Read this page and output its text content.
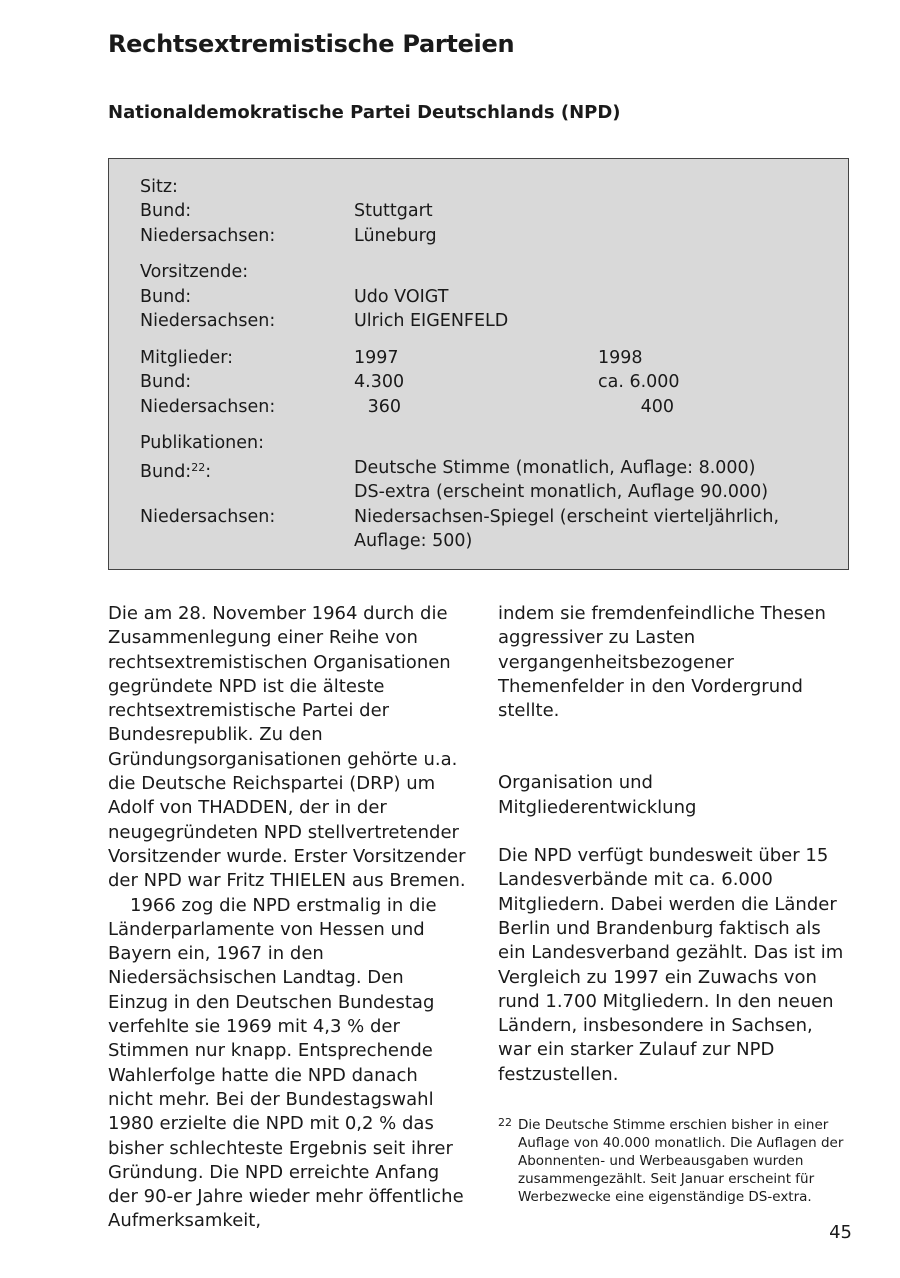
Rechtsextremistische Parteien
Nationaldemokratische Partei Deutschlands (NPD)
Sitz:
Bund:	Stuttgart
Niedersachsen:	Lüneburg
Vorsitzende:
Bund:	Udo VOIGT
Niedersachsen:	Ulrich EIGENFELD
Mitglieder:	1997	1998
Bund:	4.300	ca. 6.000
Niedersachsen:	360	400
Publikationen:
Bund:$^{22}$:	Deutsche Stimme (monatlich, Auflage: 8.000)
DS-extra (erscheint monatlich, Auflage 90.000)
Niedersachsen:	Niedersachsen-Spiegel (erscheint vierteljährlich,
Auflage: 500)

Die am 28. November 1964 durch die Zusammenlegung einer Reihe von rechtsextremistischen Organisationen gegründete NPD ist die älteste rechtsextremistische Partei der Bundesrepublik. Zu den Gründungsorganisationen gehörte u.a. die Deutsche Reichspartei (DRP) um Adolf von THADDEN, der in der neugegründeten NPD stellvertretender Vorsitzender wurde. Erster Vorsitzender der NPD war Fritz THIELEN aus Bremen.

1966 zog die NPD erstmalig in die Länderparlamente von Hessen und Bayern ein, 1967 in den Niedersächsischen Landtag. Den Einzug in den Deutschen Bundestag verfehlte sie 1969 mit 4,3 % der Stimmen nur knapp. Entsprechende Wahlerfolge hatte die NPD danach nicht mehr. Bei der Bundestagswahl 1980 erzielte die NPD mit 0,2 % das bisher schlechteste Ergebnis seit ihrer Gründung. Die NPD erreichte Anfang der 90-er Jahre wieder mehr öffentliche Aufmerksamkeit,

indem sie fremdenfeindliche Thesen aggressiver zu Lasten vergangenheitsbezogener Themenfelder in den Vordergrund stellte.

Organisation und Mitgliederentwicklung

Die NPD verfügt bundesweit über 15 Landesverbände mit ca. 6.000 Mitgliedern. Dabei werden die Länder Berlin und Brandenburg faktisch als ein Landesverband gezählt. Das ist im Vergleich zu 1997 ein Zuwachs von rund 1.700 Mitgliedern. In den neuen Ländern, insbesondere in Sachsen, war ein starker Zulauf zur NPD festzustellen.

22 Die Deutsche Stimme erschien bisher in einer Auflage von 40.000 monatlich. Die Auflagen der Abonnenten- und Werbeausgaben wurden zusammengezählt. Seit Januar erscheint für Werbezwecke eine eigenständige DS-extra.
45
